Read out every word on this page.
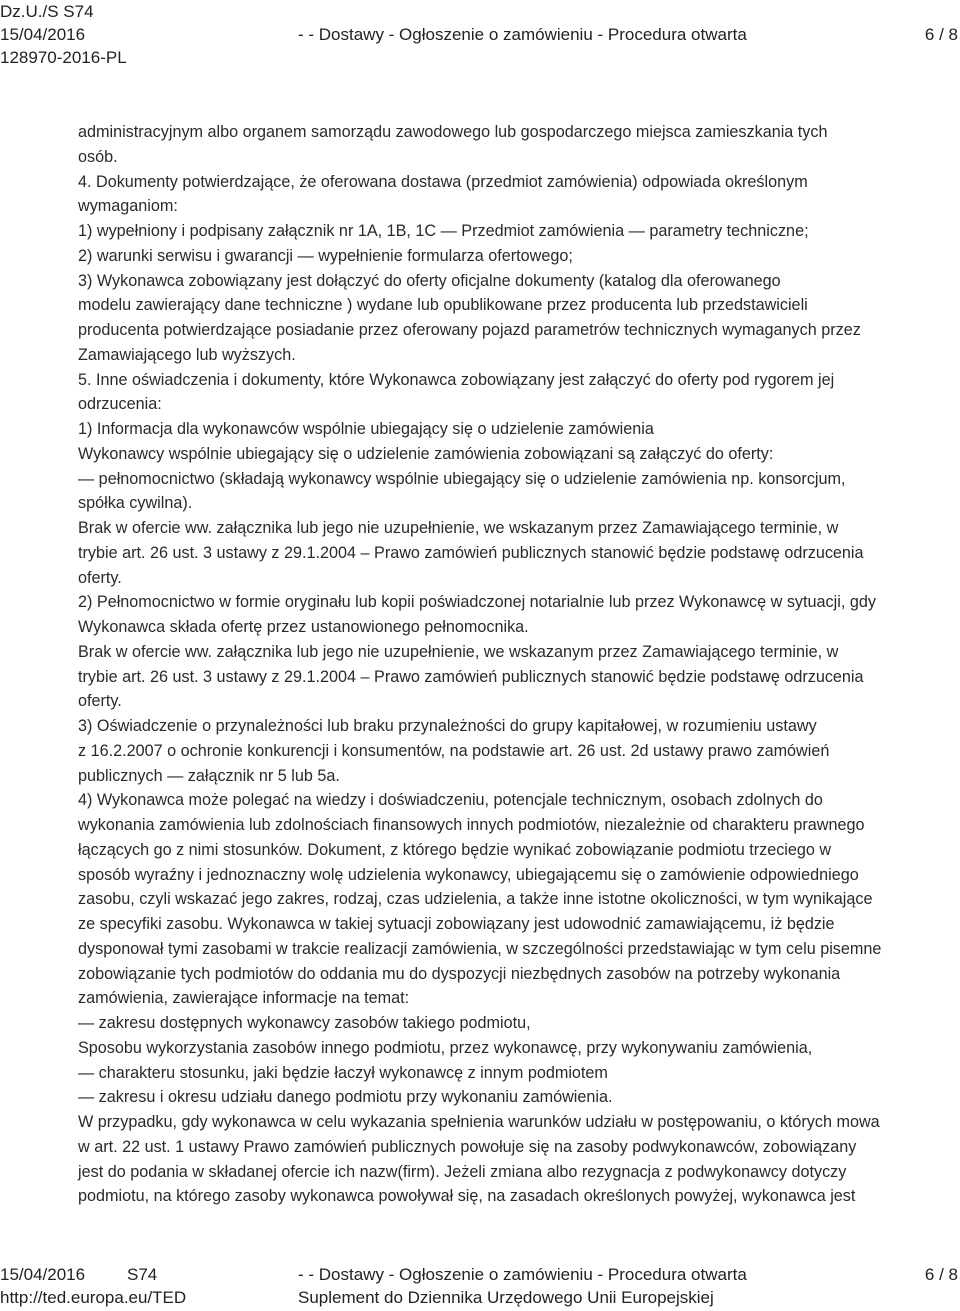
Dz.U./S S74
15/04/2016	- - Dostawy - Ogłoszenie o zamówieniu - Procedura otwarta	6 / 8
128970-2016-PL

administracyjnym albo organem samorządu zawodowego lub gospodarczego miejsca zamieszkania tych

osób.

4. Dokumenty potwierdzające, że oferowana dostawa (przedmiot zamówienia) odpowiada określonym

wymaganiom:

1) wypełniony i podpisany załącznik nr 1A, 1B, 1C — Przedmiot zamówienia — parametry techniczne;

2) warunki serwisu i gwarancji — wypełnienie formularza ofertowego;

3) Wykonawca zobowiązany jest dołączyć do oferty oficjalne dokumenty (katalog dla oferowanego

modelu zawierający dane techniczne ) wydane lub opublikowane przez producenta lub przedstawicieli

producenta potwierdzające posiadanie przez oferowany pojazd parametrów technicznych wymaganych przez

Zamawiającego lub wyższych.

5. Inne oświadczenia i dokumenty, które Wykonawca zobowiązany jest załączyć do oferty pod rygorem jej

odrzucenia:

1) Informacja dla wykonawców wspólnie ubiegający się o udzielenie zamówienia

Wykonawcy wspólnie ubiegający się o udzielenie zamówienia zobowiązani są załączyć do oferty:

— pełnomocnictwo (składają wykonawcy wspólnie ubiegający się o udzielenie zamówienia np. konsorcjum,

spółka cywilna).

Brak w ofercie ww. załącznika lub jego nie uzupełnienie, we wskazanym przez Zamawiającego terminie, w

trybie art. 26 ust. 3 ustawy z 29.1.2004 – Prawo zamówień publicznych stanowić będzie podstawę odrzucenia

oferty.

2) Pełnomocnictwo w formie oryginału lub kopii poświadczonej notarialnie lub przez Wykonawcę w sytuacji, gdy

Wykonawca składa ofertę przez ustanowionego pełnomocnika.

Brak w ofercie ww. załącznika lub jego nie uzupełnienie, we wskazanym przez Zamawiającego terminie, w

trybie art. 26 ust. 3 ustawy z 29.1.2004 – Prawo zamówień publicznych stanowić będzie podstawę odrzucenia

oferty.

3) Oświadczenie o przynależności lub braku przynależności do grupy kapitałowej, w rozumieniu ustawy

z 16.2.2007 o ochronie konkurencji i konsumentów, na podstawie art. 26 ust. 2d ustawy prawo zamówień

publicznych — załącznik nr 5 lub 5a.

4) Wykonawca może polegać na wiedzy i doświadczeniu, potencjale technicznym, osobach zdolnych do

wykonania zamówienia lub zdolnościach finansowych innych podmiotów, niezależnie od charakteru prawnego

łączących go z nimi stosunków. Dokument, z którego będzie wynikać zobowiązanie podmiotu trzeciego w

sposób wyraźny i jednoznaczny wolę udzielenia wykonawcy, ubiegającemu się o zamówienie odpowiedniego

zasobu, czyli wskazać jego zakres, rodzaj, czas udzielenia, a także inne istotne okoliczności, w tym wynikające

ze specyfiki zasobu. Wykonawca w takiej sytuacji zobowiązany jest udowodnić zamawiającemu, iż będzie

dysponował tymi zasobami w trakcie realizacji zamówienia, w szczególności przedstawiając w tym celu pisemne

zobowiązanie tych podmiotów do oddania mu do dyspozycji niezbędnych zasobów na potrzeby wykonania

zamówienia, zawierające informacje na temat:

— zakresu dostępnych wykonawcy zasobów takiego podmiotu,

Sposobu wykorzystania zasobów innego podmiotu, przez wykonawcę, przy wykonywaniu zamówienia,

— charakteru stosunku, jaki będzie łaczył wykonawcę z innym podmiotem

— zakresu i okresu udziału danego podmiotu przy wykonaniu zamówienia.

W przypadku, gdy wykonawca w celu wykazania spełnienia warunków udziału w postępowaniu, o których mowa

w art. 22 ust. 1 ustawy Prawo zamówień publicznych powołuje się na zasoby podwykonawców, zobowiązany

jest do podania w składanej ofercie ich nazw(firm). Jeżeli zmiana albo rezygnacja z podwykonawcy dotyczy

podmiotu, na którego zasoby wykonawca powoływał się, na zasadach określonych powyżej, wykonawca jest

15/04/2016 S74	- - Dostawy - Ogłoszenie o zamówieniu - Procedura otwarta	6 / 8
http://ted.europa.eu/TED	Suplement do Dziennika Urzędowego Unii Europejskiej
